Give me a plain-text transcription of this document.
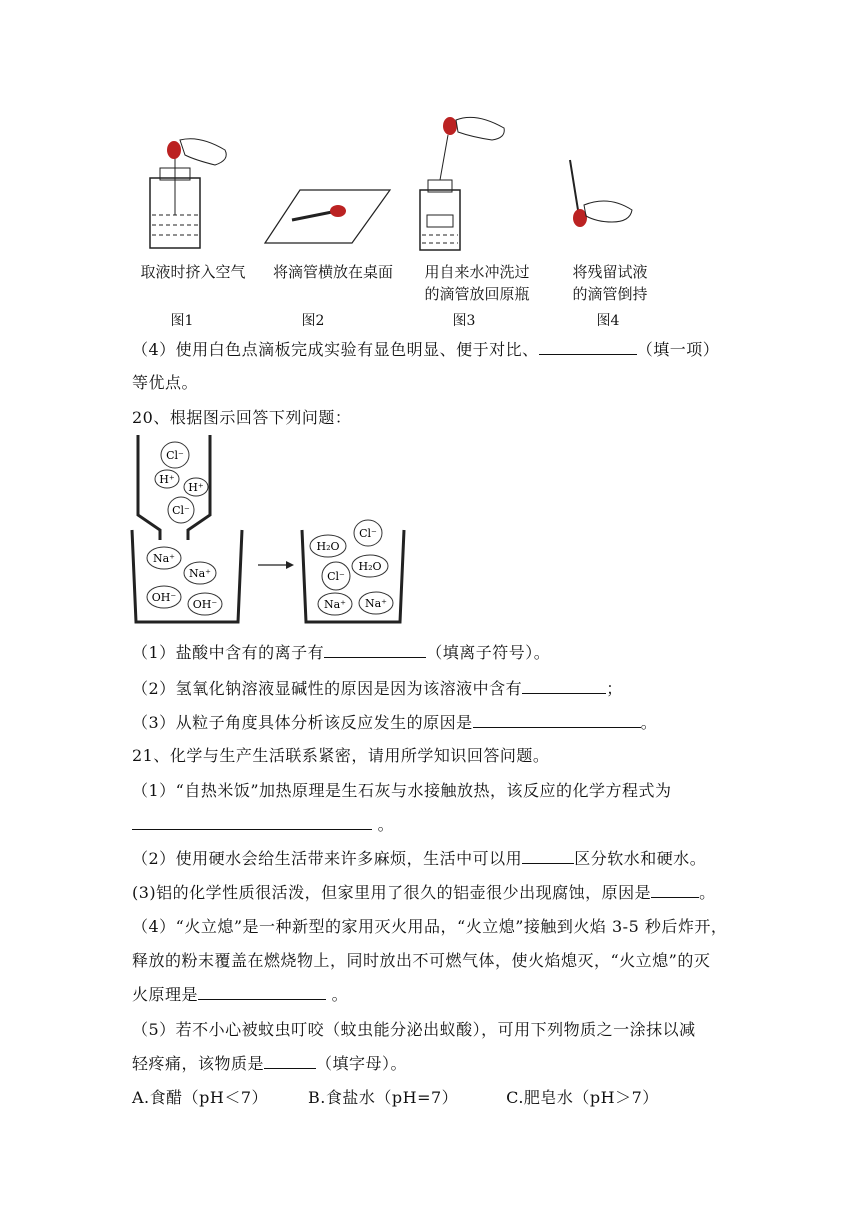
取液时挤入空气	将滴管横放在桌面	用自来水冲洗过
的滴管放回原瓶
将残留试液
的滴管倒持
图1	图2	图3	图4
（4）使用白色点滴板完成实验有显色明显、便于对比、	（填一项）
等优点。
20、根据图示回答下列问题：
Cl⁻
H⁺
H⁺
Cl⁻
Na⁺
Na⁺
OH⁻
OH⁻
Cl⁻
H₂O
H₂O
Cl⁻
Na⁺ Na⁺
（1）盐酸中含有的离子有	（填离子符号）。
（2）氢氧化钠溶液显碱性的原因是因为该溶液中含有	；
（3）从粒子角度具体分析该反应发生的原因是	。
21、化学与生产生活联系紧密，请用所学知识回答问题。
（1）“自热米饭”加热原理是生石灰与水接触放热，该反应的化学方程式为
。
（2）使用硬水会给生活带来许多麻烦，生活中可以用	区分软水和硬水。
(3)铝的化学性质很活泼，但家里用了很久的铝壶很少出现腐蚀，原因是	。
（4）“火立熄”是一种新型的家用灭火用品，“火立熄”接触到火焰 3-5 秒后炸开，
释放的粉末覆盖在燃烧物上，同时放出不可燃气体，使火焰熄灭，“火立熄”的灭
火原理是	。
（5）若不小心被蚊虫叮咬（蚊虫能分泌出蚁酸），可用下列物质之一涂抹以减
轻疼痛，该物质是	（填字母）。
A.食醋（pH＜7）	B.食盐水（pH=7）	C.肥皂水（pH＞7）
